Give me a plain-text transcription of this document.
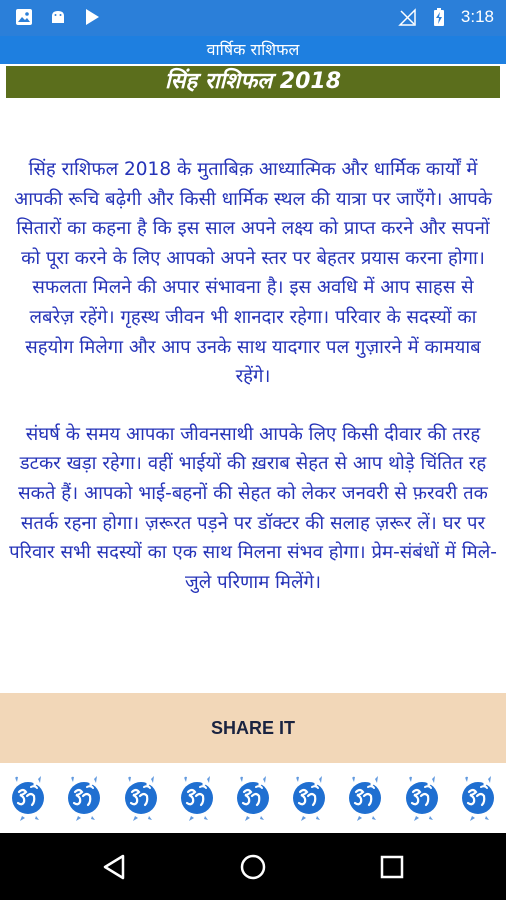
3:18
वार्षिक राशिफल
सिंह राशिफल 2018

सिंह राशिफल 2018 के मुताबिक़ आध्यात्मिक और धार्मिक कार्यों में आपकी रूचि बढ़ेगी और किसी धार्मिक स्थल की यात्रा पर जाएँगे। आपके सितारों का कहना है कि इस साल अपने लक्ष्य को प्राप्त करने और सपनों को पूरा करने के लिए आपको अपने स्तर पर बेहतर प्रयास करना होगा। सफलता मिलने की अपार संभावना है। इस अवधि में आप साहस से लबरेज़ रहेंगे। गृहस्थ जीवन भी शानदार रहेगा। परिवार के सदस्यों का सहयोग मिलेगा और आप उनके साथ यादगार पल गुज़ारने में कामयाब रहेंगे।

संघर्ष के समय आपका जीवनसाथी आपके लिए किसी दीवार की तरह डटकर खड़ा रहेगा। वहीं भाईयों की ख़राब सेहत से आप थोड़े चिंतित रह सकते हैं। आपको भाई-बहनों की सेहत को लेकर जनवरी से फ़रवरी तक सतर्क रहना होगा। ज़रूरत पड़ने पर डॉक्टर की सलाह ज़रूर लें। घर पर परिवार सभी सदस्यों का एक साथ मिलना संभव होगा। प्रेम-संबंधों में मिले-जुले परिणाम मिलेंगे।

SHARE IT
